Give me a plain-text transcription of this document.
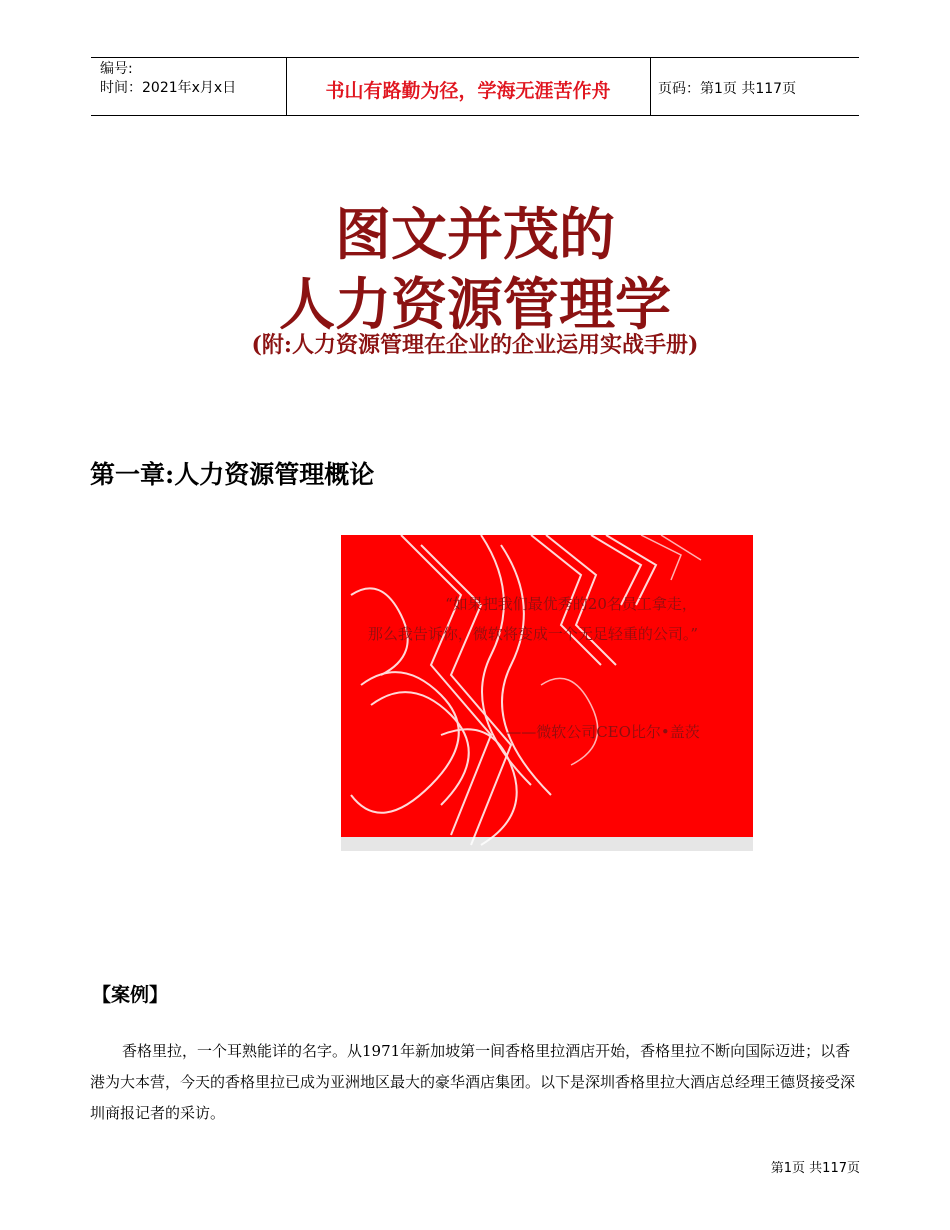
编号:
时间：2021年x月x日	书山有路勤为径，学海无涯苦作舟	页码：第1页 共117页
图文并茂的
人力资源管理学
(附:人力资源管理在企业的企业运用实战手册)
第一章:人力资源管理概论
“如果把我们最优秀的20名员工拿走，
那么我告诉你，微软将变成一个无足轻重的公司。”
——微软公司CEO比尔•盖茨
【案例】
香格里拉，一个耳熟能详的名字。从1971年新加坡第一间香格里拉酒店开始，香格里拉不断向国际迈进；以香港为大本营，今天的香格里拉已成为亚洲地区最大的豪华酒店集团。以下是深圳香格里拉大酒店总经理王德贤接受深圳商报记者的采访。
第1页 共117页
